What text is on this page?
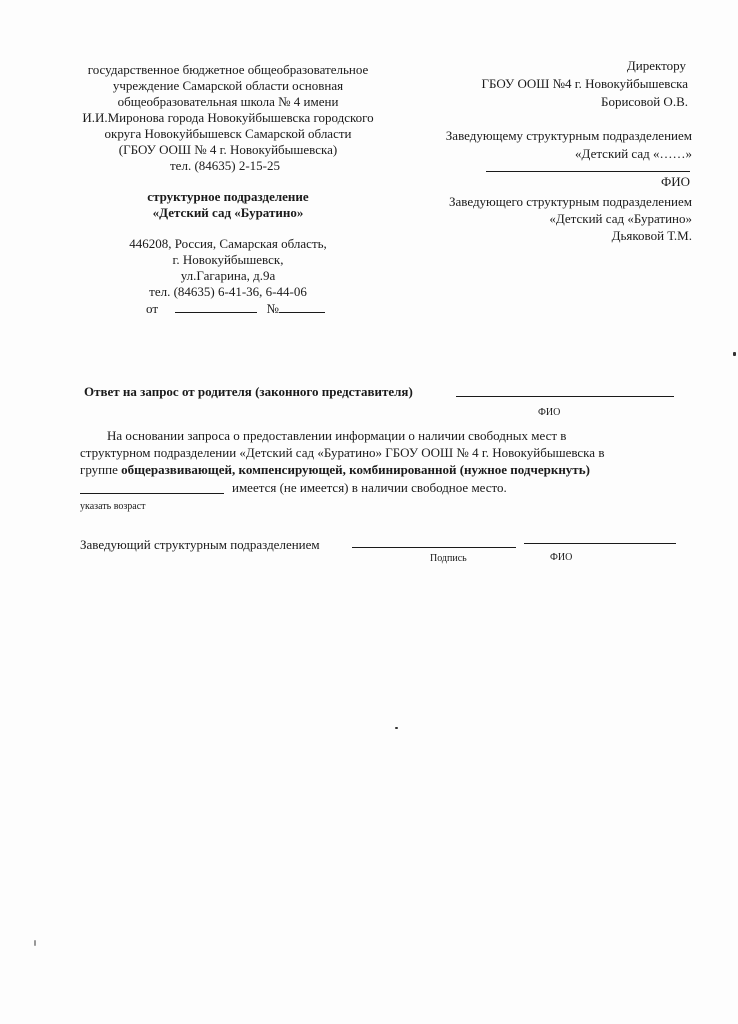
государственное бюджетное общеобразовательное
учреждение Самарской области основная
общеобразовательная школа № 4 имени
И.И.Миронова города Новокуйбышевска городского
округа Новокуйбышевск Самарской области
(ГБОУ ООШ № 4 г. Новокуйбышевска)
тел. (84635) 2-15-25
структурное подразделение
«Детский сад «Буратино»
446208, Россия, Самарская область,
г. Новокуйбышевск,
ул.Гагарина, д.9а
тел. (84635) 6-41-36, 6-44-06
от	№
Директору
ГБОУ ООШ №4 г. Новокуйбышевска
Борисовой О.В.
Заведующему структурным подразделением
«Детский сад «……»
ФИО
Заведующего структурным подразделением
«Детский сад «Буратино»
Дьяковой Т.М.
Ответ на запрос от родителя (законного представителя)
ФИО
На основании запроса о предоставлении информации о наличии свободных мест в
структурном подразделении «Детский сад «Буратино» ГБОУ ООШ № 4 г. Новокуйбышевска в
группе общеразвивающей, компенсирующей, комбинированной (нужное подчеркнуть)
имеется (не имеется) в наличии свободное место.
указать возраст
Заведующий структурным подразделением
Подпись	ФИО
